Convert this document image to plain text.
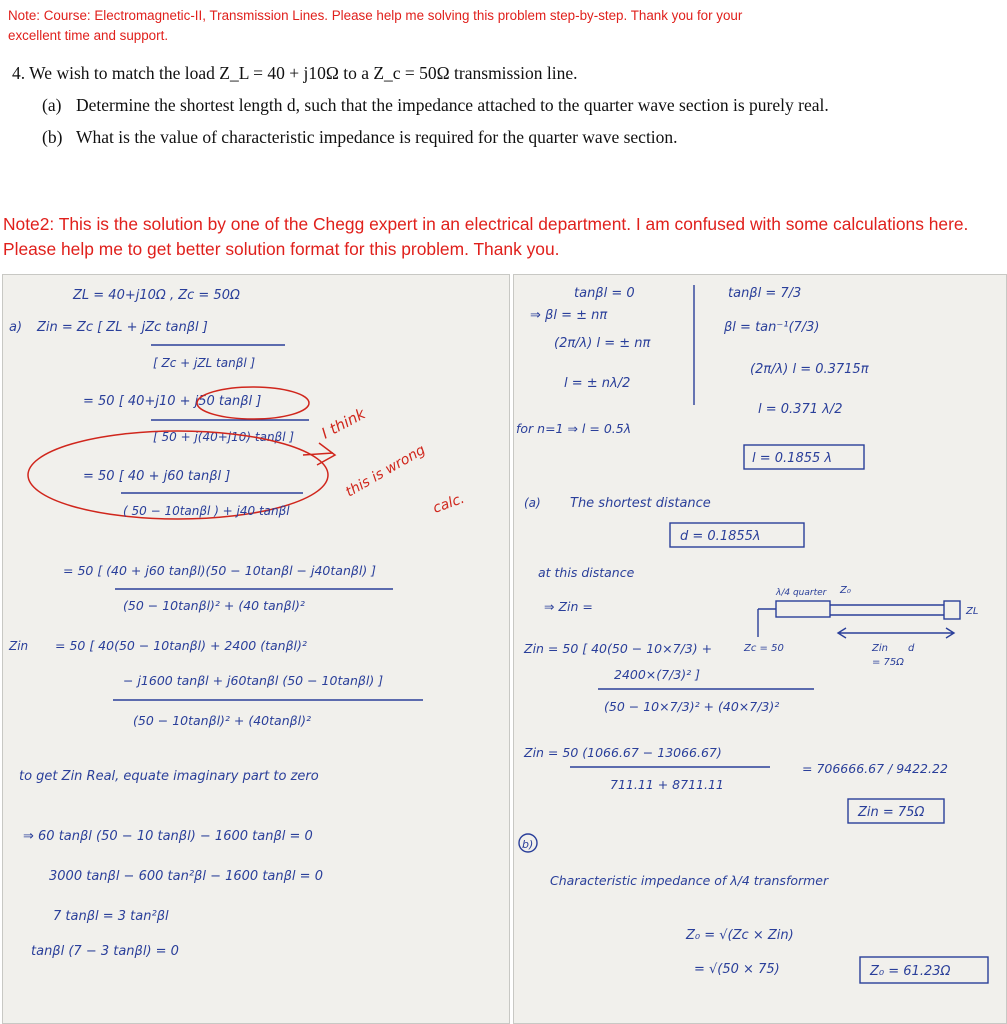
Note: Course: Electromagnetic-II, Transmission Lines. Please help me solving this problem step-by-step. Thank you for your excellent time and support.
4. We wish to match the load Z_L = 40 + j10Ω to a Z_c = 50Ω transmission line.
(a) Determine the shortest length d, such that the impedance attached to the quarter wave section is purely real.
(b) What is the value of characteristic impedance is required for the quarter wave section.
Note2: This is the solution by one of the Chegg expert in an electrical department. I am confused with some calculations here. Please help me to get better solution format for this problem. Thank you.
ZL = 40+j10Ω , Zc = 50Ω
a) Zin = Zc [ ZL + jZc tanβl ]
[ Zc + jZL tanβl ]
= 50 [ 40+j10 + j50 tanβl ]
[ 50 + j(40+j10) tanβl ] I think
= 50 [ 40 + j60 tanβl ]
( 50 − 10tanβl ) + j40 tanβl
this is wrong
calc.
= 50 [ (40 + j60 tanβl)(50 − 10tanβl − j40tanβl) ]
(50 − 10tanβl)² + (40 tanβl)²
Zin = 50 [ 40(50 − 10tanβl) + 2400 (tanβl)²
− j1600 tanβl + j60tanβl (50 − 10tanβl) ]
(50 − 10tanβl)² + (40tanβl)²
to get Zin Real, equate imaginary part to zero
⇒ 60 tanβl (50 − 10 tanβl) − 1600 tanβl = 0
3000 tanβl − 600 tan²βl − 1600 tanβl = 0
7 tanβl = 3 tan²βl
tanβl (7 − 3 tanβl) = 0
tanβl = 0
⇒ βl = ± nπ
(2π/λ) l = ± nπ
l = ± nλ/2
for n=1 ⇒ l = 0.5λ
tanβl = 7/3
βl = tan⁻¹(7/3)
(2π/λ) l = 0.3715π
l = 0.371 λ/2
l = 0.1855 λ
(a) The shortest distance
d = 0.1855λ
at this distance
⇒ Zin =
λ/4 quarter Z₀
ZL
Zc = 50	Zin d
= 75Ω
Zin = 50 [ 40(50 − 10×7/3) +
2400×(7/3)² ]
(50 − 10×7/3)² + (40×7/3)²
Zin = 50 (1066.67 − 13066.67)
711.11 + 8711.11
= 706666.67 / 9422.22
Zin = 75Ω
b)
Characteristic impedance of λ/4 transformer
Z₀ = √(Zc × Zin)
= √(50 × 75)	Z₀ = 61.23Ω
